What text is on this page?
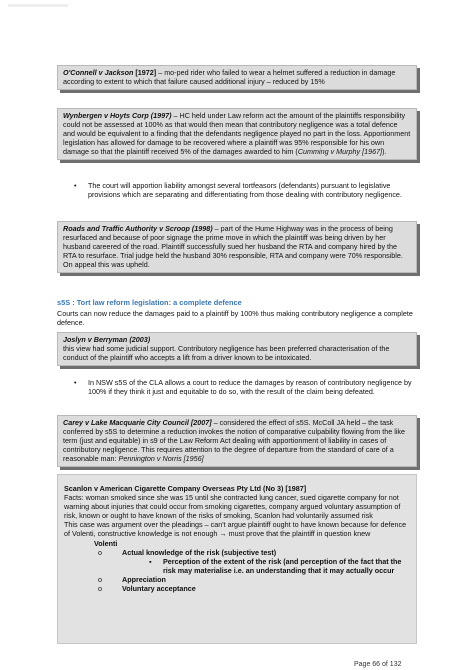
O'Connell v Jackson [1972] – mo-ped rider who failed to wear a helmet suffered a reduction in damage according to extent to which that failure caused additional injury – reduced by 15%
Wynbergen v Hoyts Corp (1997) – HC held under Law reform act the amount of the plaintiffs responsibility could not be assessed at 100% as that would then mean that contributory negligence was a total defence and would be equivalent to a finding that the defendants negligence played no part in the loss. Apportionment legislation has allowed for damage to be recovered where a plaintiff was 95% responsible for his own damage so that the plaintiff received 5% of the damages awarded to him (Cumming v Murphy [1967]).
• The court will apportion liability amongst several tortfeasors (defendants) pursuant to legislative provisions which are separating and differentiating from those dealing with contributory negligence.
Roads and Traffic Authority v Scroop (1998) – part of the Hume Highway was in the process of being resurfaced and because of poor signage the prime move in which the plaintiff was being driven by her husband careered of the road. Plaintiff successfully sued her husband the RTA and company hired by the RTA to resurface. Trial judge held the husband 30% responsible, RTA and company were 70% responsible. On appeal this was upheld.
s5S : Tort law reform legislation: a complete defence
Courts can now reduce the damages paid to a plaintiff by 100% thus making contributory negligence a complete defence.
Joslyn v Berryman (2003)
this view had some judicial support. Contributory negligence has been preferred characterisation of the conduct of the plaintiff who accepts a lift from a driver known to be intoxicated.
• In NSW s5S of the CLA allows a court to reduce the damages by reason of contributory negligence by 100% if they think it just and equitable to do so, with the result of the claim being defeated.
Carey v Lake Macquarie City Council [2007] – considered the effect of s5S. McColl JA held – the task conferred by s5S to determine a reduction invokes the notion of comparative culpability flowing from the like term (just and equitable) in s9 of the Law Reform Act dealing with apportionment of liability in cases of contributory negligence. This requires attention to the degree of departure from the standard of care of a reasonable man: Pennington v Norris [1956]
Scanlon v American Cigarette Company Overseas Pty Ltd (No 3) [1987]
Facts: woman smoked since she was 15 until she contracted lung cancer, sued cigarette company for not warning about injuries that could occur from smoking cigarettes, company argued voluntary assumption of risk, known or ought to have known of the risks of smoking, Scanlon had voluntarily assumed risk
This case was argument over the pleadings – can't argue plaintiff ought to have known because for defence of Volenti, constructive knowledge is not enough → must prove that the plaintiff in question knew
Volenti
o	Actual knowledge of the risk (subjective test)
▪ Perception of the extent of the risk (and perception of the fact that the risk may materialise i.e. an understanding that it may actually occur
o	Appreciation
o	Voluntary acceptance
Page 66 of 132
